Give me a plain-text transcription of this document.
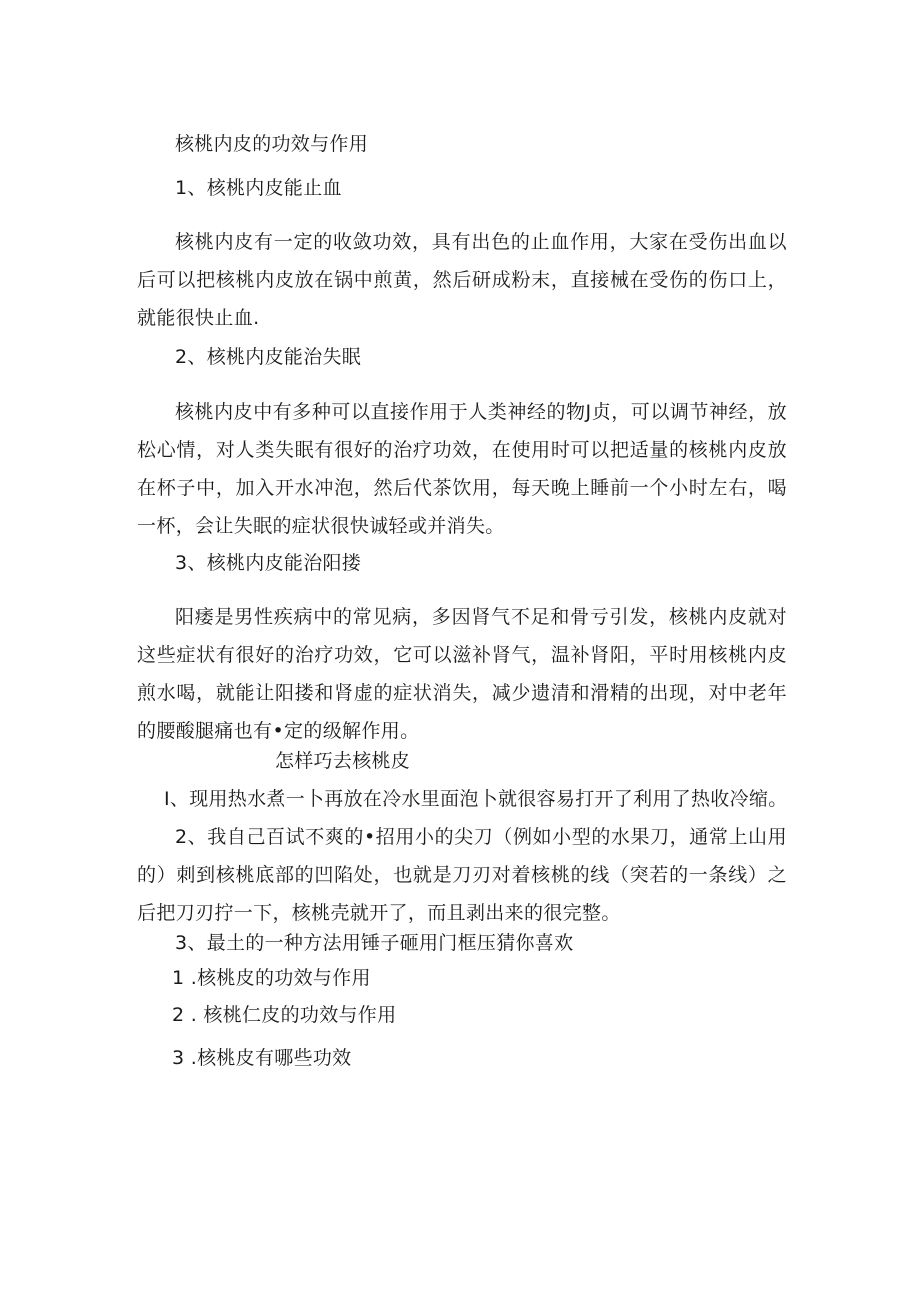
核桃内皮的功效与作用
1、核桃内皮能止血
核桃内皮有一定的收敛功效，具有出色的止血作用，大家在受伤出血以后可以把核桃内皮放在锅中煎黄，然后研成粉末，直接械在受伤的伤口上，就能很快止血.
2、核桃内皮能治失眠
核桃内皮中有多种可以直接作用于人类神经的物J贞，可以调节神经，放松心情，对人类失眠有很好的治疗功效，在使用时可以把适量的核桃内皮放在杯子中，加入开水冲泡，然后代茶饮用，每天晚上睡前一个小时左右，喝一杯，会让失眠的症状很快诚轻或并消失。
3、核桃内皮能治阳搂
阳痿是男性疾病中的常见病，多因肾气不足和骨亏引发，核桃内皮就对这些症状有很好的治疗功效，它可以滋补肾气，温补肾阳，平时用核桃内皮煎水喝，就能让阳搂和肾虚的症状消失，减少遗清和滑精的出现，对中老年的腰酸腿痛也有•定的级解作用。
怎样巧去核桃皮
I、现用热水煮一卜再放在冷水里面泡卜就很容易打开了利用了热收冷缩。
2、我自己百试不爽的•招用小的尖刀（例如小型的水果刀，通常上山用的）刺到核桃底部的凹陷处，也就是刀刃对着核桃的线（突若的一条线）之后把刀刃拧一下，核桃壳就开了，而且剥出来的很完整。
3、最土的一种方法用锤子砸用门框压猜你喜欢
1 .核桃皮的功效与作用
2 . 核桃仁皮的功效与作用
3 .核桃皮有哪些功效
